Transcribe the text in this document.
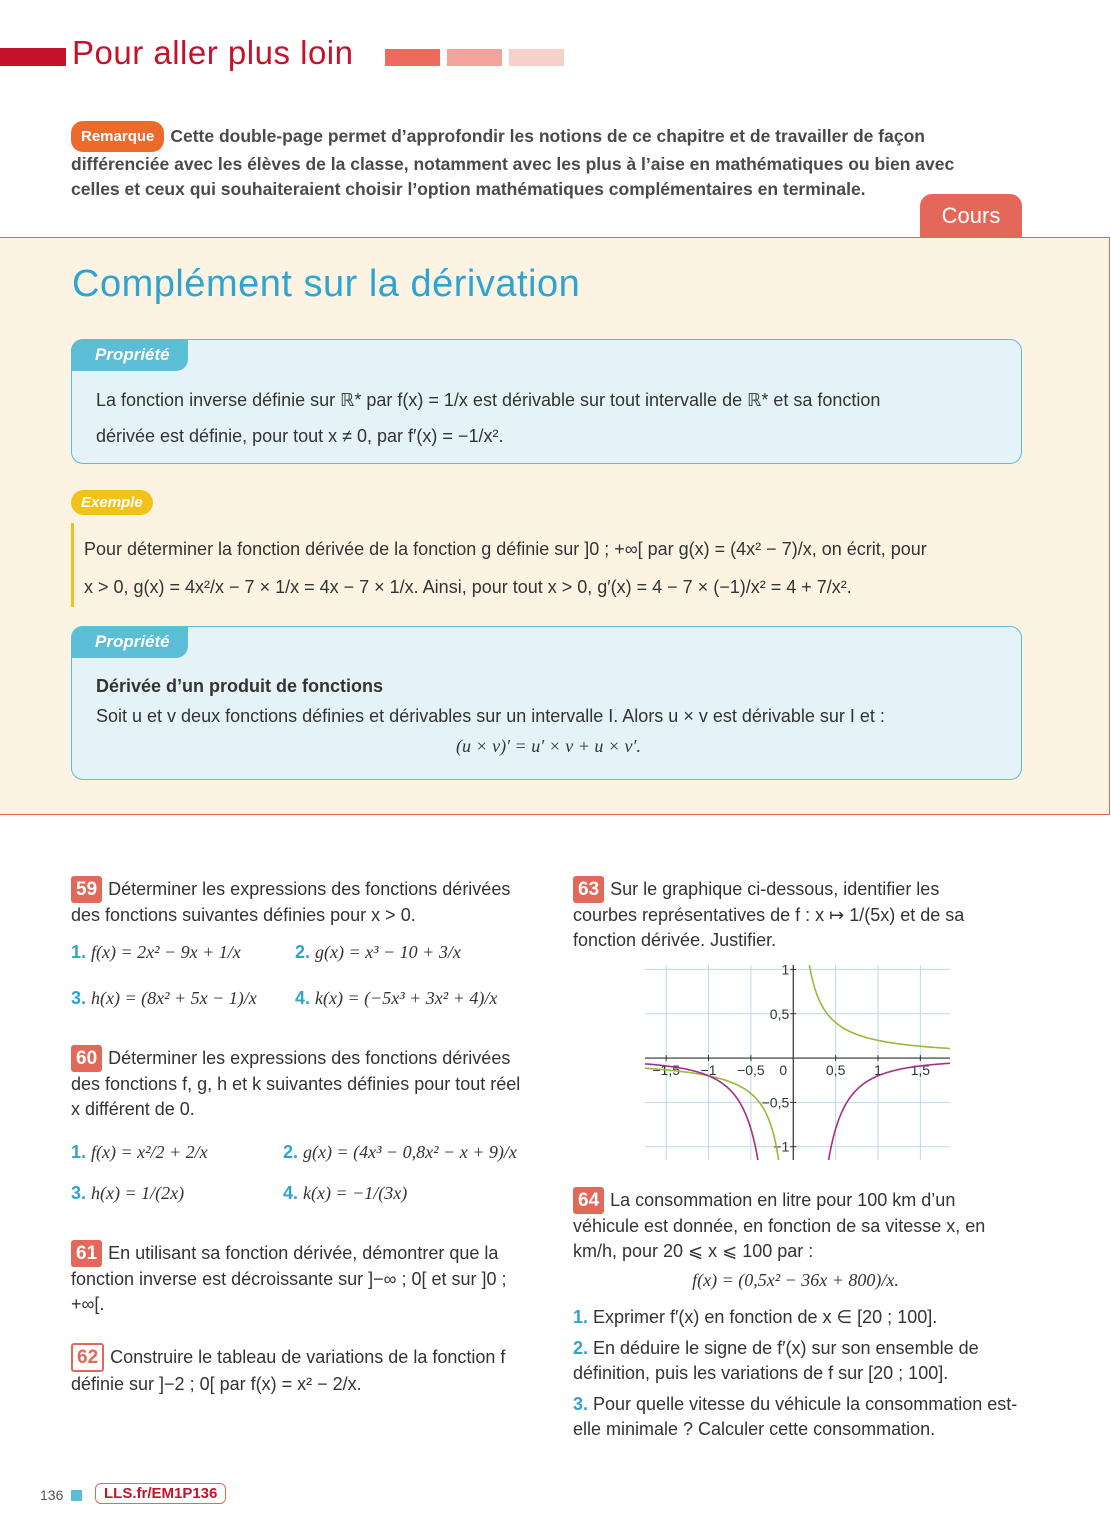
Pour aller plus loin
Remarque Cette double-page permet d’approfondir les notions de ce chapitre et de travailler de façon différenciée avec les élèves de la classe, notamment avec les plus à l’aise en mathématiques ou bien avec celles et ceux qui souhaiteraient choisir l’option mathématiques complémentaires en terminale.
Cours
Complément sur la dérivation
Propriété
La fonction inverse définie sur ℝ* par f(x) = 1/x est dérivable sur tout intervalle de ℝ* et sa fonction
dérivée est définie, pour tout x ≠ 0, par f′(x) = −1/x².
Exemple
Pour déterminer la fonction dérivée de la fonction g définie sur ]0 ; +∞[ par g(x) = (4x² − 7)/x, on écrit, pour
x > 0, g(x) = 4x²/x − 7 × 1/x = 4x − 7 × 1/x. Ainsi, pour tout x > 0, g′(x) = 4 − 7 × (−1)/x² = 4 + 7/x².
Propriété
Dérivée d’un produit de fonctions
Soit u et v deux fonctions définies et dérivables sur un intervalle I. Alors u × v est dérivable sur I et :
(u × v)′ = u′ × v + u × v′.
59 Déterminer les expressions des fonctions dérivées des fonctions suivantes définies pour x > 0.
1. f(x) = 2x² − 9x + 1/x	2. g(x) = x³ − 10 + 3/x
3. h(x) = (8x² + 5x − 1)/x 4. k(x) = (−5x³ + 3x² + 4)/x
60 Déterminer les expressions des fonctions dérivées des fonctions f, g, h et k suivantes définies pour tout réel x différent de 0.
1. f(x) = x²/2 + 2/x	2. g(x) = (4x³ − 0,8x² − x + 9)/x
3. h(x) = 1/(2x)	4. k(x) = −1/(3x)
61 En utilisant sa fonction dérivée, démontrer que la fonction inverse est décroissante sur ]−∞ ; 0[ et sur ]0 ; +∞[.
62 Construire le tableau de variations de la fonction f définie sur ]−2 ; 0[ par f(x) = x² − 2/x.
63 Sur le graphique ci-dessous, identifier les courbes représentatives de f : x ↦ 1/(5x) et de sa fonction dérivée. Justifier.
−1,5 −1 −0,5 0	0,5 1 1,5
1
0,5
−0,5
−1
64 La consommation en litre pour 100 km d’un véhicule est donnée, en fonction de sa vitesse x, en km/h, pour 20 ⩽ x ⩽ 100 par :
f(x) = (0,5x² − 36x + 800)/x.
1. Exprimer f′(x) en fonction de x ∈ [20 ; 100].
2. En déduire le signe de f′(x) sur son ensemble de définition, puis les variations de f sur [20 ; 100].
3. Pour quelle vitesse du véhicule la consommation est-elle minimale ? Calculer cette consommation.
136	LLS.fr/EM1P136
